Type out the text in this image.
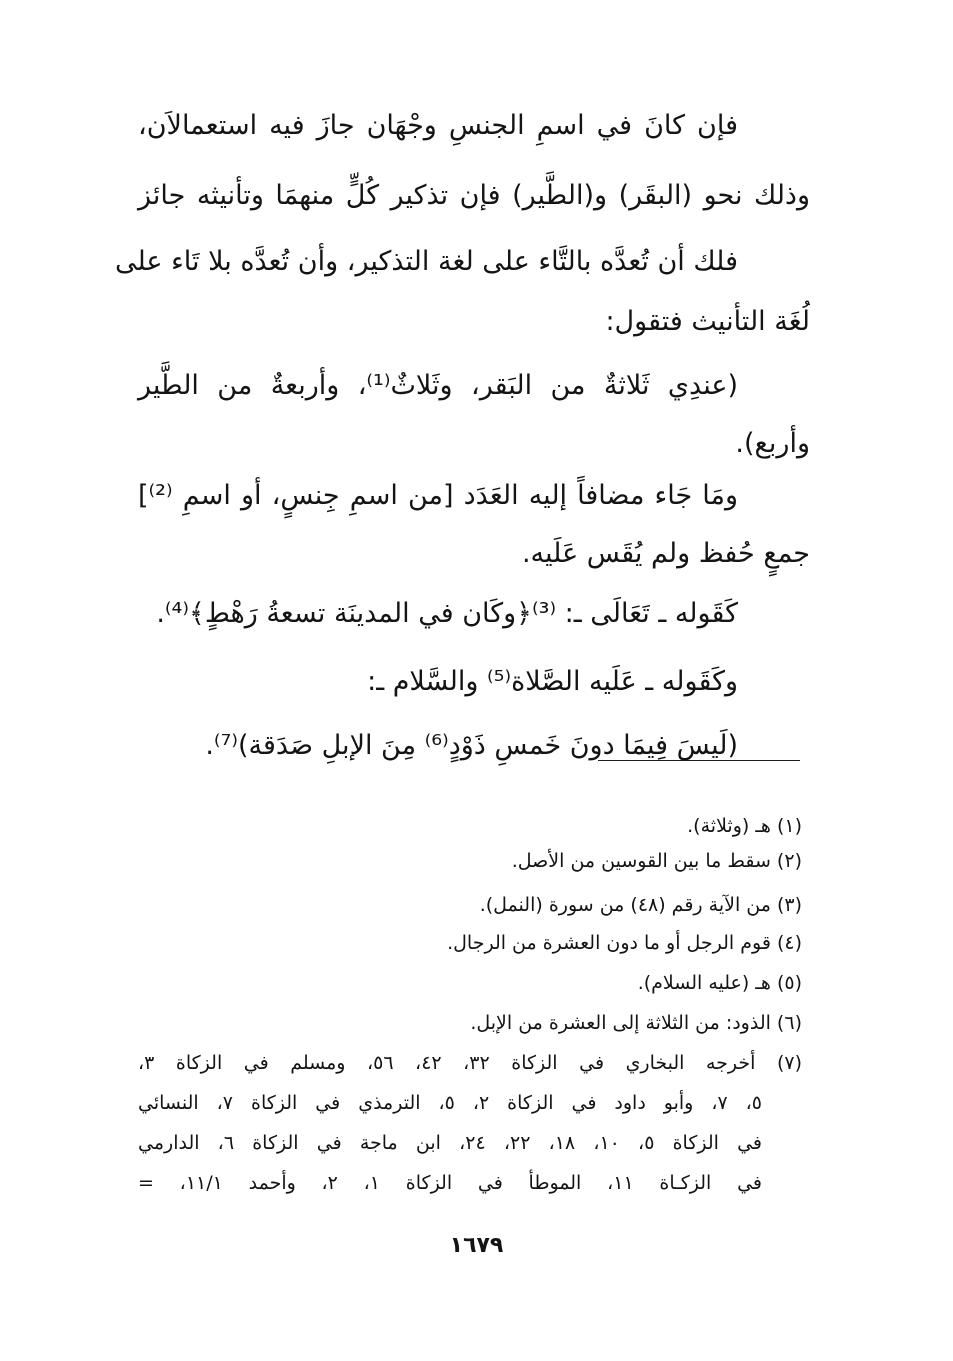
فإن كانَ في اسمِ الجنسِ وجْهَان جازَ فيه استعمالاَن،
وذلك نحو (البقَر) و(الطَّير) فإن تذكير كُلٍّ منهمَا وتأنيثه جائز
فلك أن تُعدَّه بالتَّاء على لغة التذكير، وأن تُعدَّه بلا تَاء على
لُغَة التأنيث فتقول:
(عندِي ثَلاثةٌ من البَقر، وثَلاثٌ⁽¹⁾، وأربعةٌ من الطَّير
وأربع).
ومَا جَاء مضافاً إليه العَدَد [من اسمِ جِنسٍ، أو اسمِ ⁽²⁾]
جمعٍ حُفظ ولم يُقَس عَلَيه.
كَقَوله ـ تَعَالَى ـ: ⁽³⁾﴿وكَان في المدينَة تسعةُ رَهْطٍ﴾⁽⁴⁾.
وكَقَوله ـ عَلَيه الصَّلاة⁽⁵⁾ والسَّلام ـ:
(لَيسَ فِيمَا دونَ خَمسِ ذَوْدٍ⁽⁶⁾ مِنَ الإبلِ صَدَقة)⁽⁷⁾.
(١) هـ (وثلاثة).
(٢) سقط ما بين القوسين من الأصل.
(٣) من الآية رقم (٤٨) من سورة (النمل).
(٤) قوم الرجل أو ما دون العشرة من الرجال.
(٥) هـ (عليه السلام).
(٦) الذود: من الثلاثة إلى العشرة من الإبل.
(٧) أخرجه البخاري في الزكاة ٣٢، ٤٢، ٥٦، ومسلم في الزكاة ٣،
٥، ٧، وأبو داود في الزكاة ٢، ٥، الترمذي في الزكاة ٧، النسائي
في الزكاة ٥، ١٠، ١٨، ٢٢، ٢٤، ابن ماجة في الزكاة ٦، الدارمي
في الزكـاة ١١، الموطأ في الزكاة ١، ٢، وأحمد ١١/١، =
١٦٧٩
